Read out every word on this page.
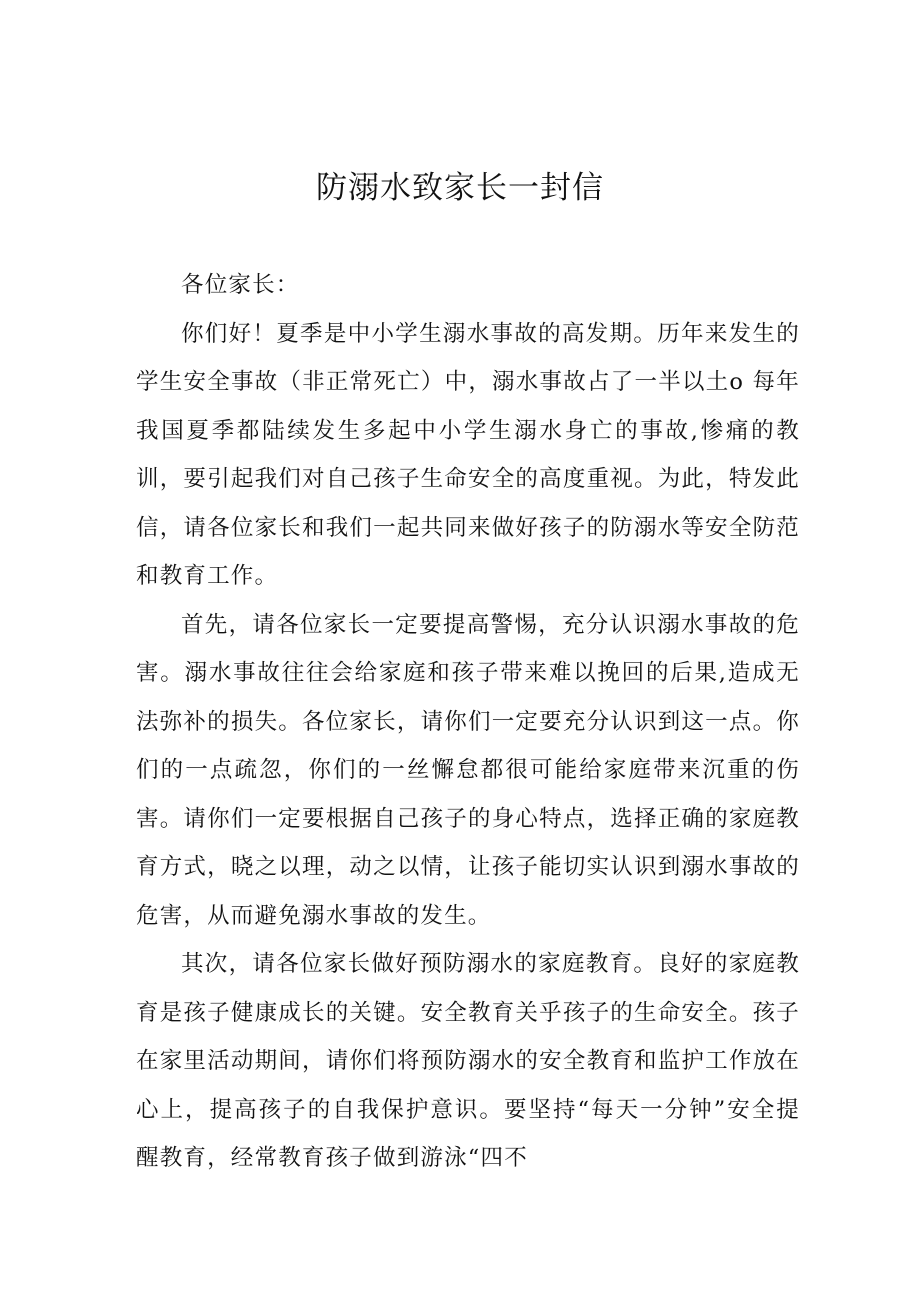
防溺水致家长一封信

各位家长：

你们好！夏季是中小学生溺水事故的高发期。历年来发生的学生安全事故（非正常死亡）中，溺水事故占了一半以土o 每年我国夏季都陆续发生多起中小学生溺水身亡的事故,惨痛的教训，要引起我们对自己孩子生命安全的高度重视。为此，特发此信，请各位家长和我们一起共同来做好孩子的防溺水等安全防范和教育工作。

首先，请各位家长一定要提高警惕，充分认识溺水事故的危害。溺水事故往往会给家庭和孩子带来难以挽回的后果,造成无法弥补的损失。各位家长，请你们一定要充分认识到这一点。你们的一点疏忽，你们的一丝懈怠都很可能给家庭带来沉重的伤害。请你们一定要根据自己孩子的身心特点，选择正确的家庭教育方式，晓之以理，动之以情，让孩子能切实认识到溺水事故的危害，从而避免溺水事故的发生。

其次，请各位家长做好预防溺水的家庭教育。良好的家庭教育是孩子健康成长的关键。安全教育关乎孩子的生命安全。孩子在家里活动期间，请你们将预防溺水的安全教育和监护工作放在心上，提高孩子的自我保护意识。要坚持“每天一分钟”安全提醒教育，经常教育孩子做到游泳“四不
